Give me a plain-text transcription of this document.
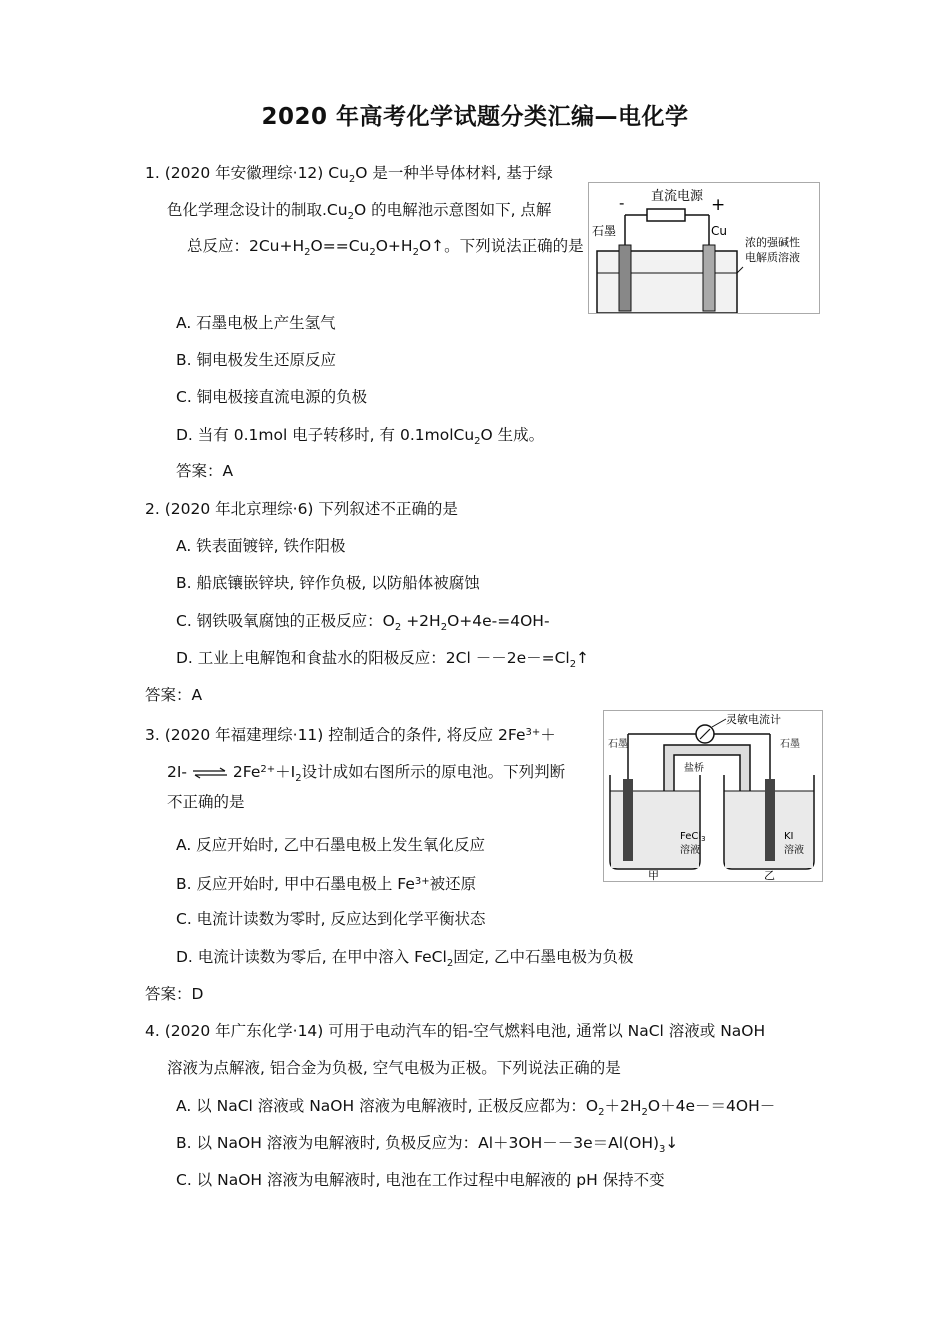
2020 年高考化学试题分类汇编—电化学
1. (2020 年安徽理综·12) $Cu_2O$ 是一种半导体材料, 基于绿
色化学理念设计的制取$.Cu_2O$ 的电解池示意图如下, 点解
总反应：$2Cu+H_2O==Cu_2O+H_2O↑$。下列说法正确的是
直流电源
-	+
石墨	Cu
浓的强碱性
电解质溶液
A. 石墨电极上产生氢气
B. 铜电极发生还原反应
C. 铜电极接直流电源的负极
D. 当有 0.1mol 电子转移时, 有 0.1molCu$_2$O 生成。
答案：A
2. (2020 年北京理综·6) 下列叙述不正确的是
A. 铁表面镀锌, 铁作阳极
B. 船底镶嵌锌块, 锌作负极, 以防船体被腐蚀
C. 钢铁吸氧腐蚀的正极反应：$O_2 +2H_2O+4e-=4OH-$
D. 工业上电解饱和食盐水的阳极反应：$2Cl --2e-=Cl_2↑$
答案：A
3. (2020 年福建理综·11) 控制适合的条件, 将反应 $2Fe^{3+}+$
2I- ⇌ $2Fe^{2+}+I_2$设计成如右图所示的原电池。下列判断
不正确的是
灵敏电流计
石墨	石墨
盐桥
FeCl$_3$
溶液
KI
溶液
甲	乙
A. 反应开始时, 乙中石墨电极上发生氧化反应
B. 反应开始时, 甲中石墨电极上 $Fe^{3+}$被还原
C. 电流计读数为零时, 反应达到化学平衡状态
D. 电流计读数为零后, 在甲中溶入 FeCl$_2$固定, 乙中石墨电极为负极
答案：D
4. (2020 年广东化学·14) 可用于电动汽车的铝-空气燃料电池, 通常以 NaCl 溶液或 NaOH
溶液为点解液, 铝合金为负极, 空气电极为正极。下列说法正确的是
A. 以 NaCl 溶液或 NaOH 溶液为电解液时, 正极反应都为：$O_2+2H_2O+4e-=4OH-$
B. 以 NaOH 溶液为电解液时, 负极反应为：$Al+3OH--3e=Al(OH)_3↓$
C. 以 NaOH 溶液为电解液时, 电池在工作过程中电解液的 pH 保持不变
